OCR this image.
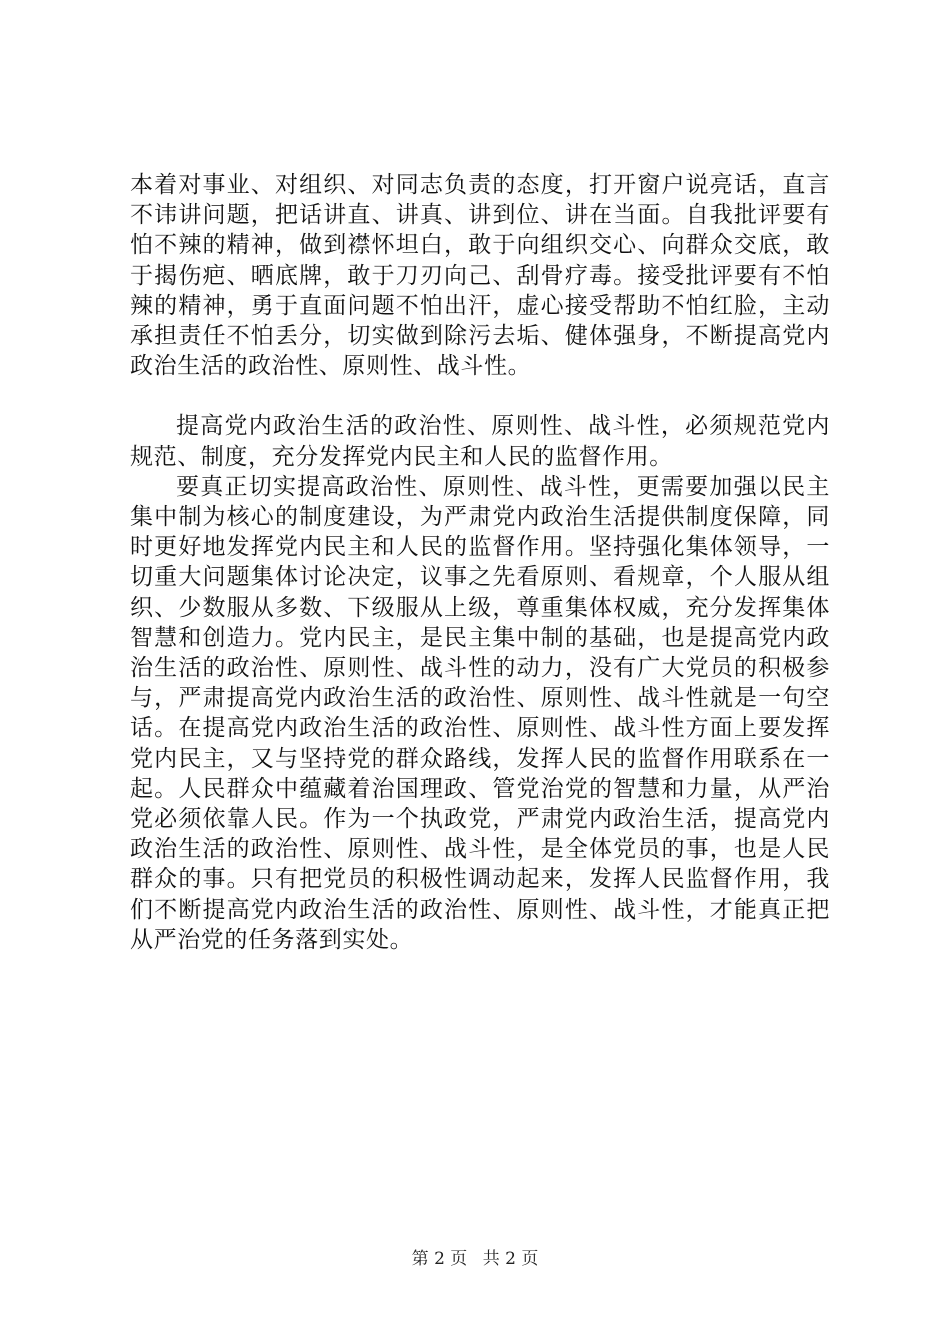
本着对事业、对组织、对同志负责的态度，打开窗户说亮话，直言不讳讲问题，把话讲直、讲真、讲到位、讲在当面。自我批评要有怕不辣的精神，做到襟怀坦白，敢于向组织交心、向群众交底，敢于揭伤疤、晒底牌，敢于刀刃向己、刮骨疗毒。接受批评要有不怕辣的精神，勇于直面问题不怕出汗，虚心接受帮助不怕红脸，主动承担责任不怕丢分，切实做到除污去垢、健体强身，不断提高党内政治生活的政治性、原则性、战斗性。

提高党内政治生活的政治性、原则性、战斗性，必须规范党内规范、制度，充分发挥党内民主和人民的监督作用。

要真正切实提高政治性、原则性、战斗性，更需要加强以民主集中制为核心的制度建设，为严肃党内政治生活提供制度保障，同时更好地发挥党内民主和人民的监督作用。坚持强化集体领导，一切重大问题集体讨论决定，议事之先看原则、看规章，个人服从组织、少数服从多数、下级服从上级，尊重集体权威，充分发挥集体智慧和创造力。党内民主，是民主集中制的基础，也是提高党内政治生活的政治性、原则性、战斗性的动力，没有广大党员的积极参与，严肃提高党内政治生活的政治性、原则性、战斗性就是一句空话。在提高党内政治生活的政治性、原则性、战斗性方面上要发挥党内民主，又与坚持党的群众路线，发挥人民的监督作用联系在一起。人民群众中蕴藏着治国理政、管党治党的智慧和力量，从严治党必须依靠人民。作为一个执政党，严肃党内政治生活，提高党内政治生活的政治性、原则性、战斗性，是全体党员的事，也是人民群众的事。只有把党员的积极性调动起来，发挥人民监督作用，我们不断提高党内政治生活的政治性、原则性、战斗性，才能真正把从严治党的任务落到实处。

第 2 页 共 2 页
